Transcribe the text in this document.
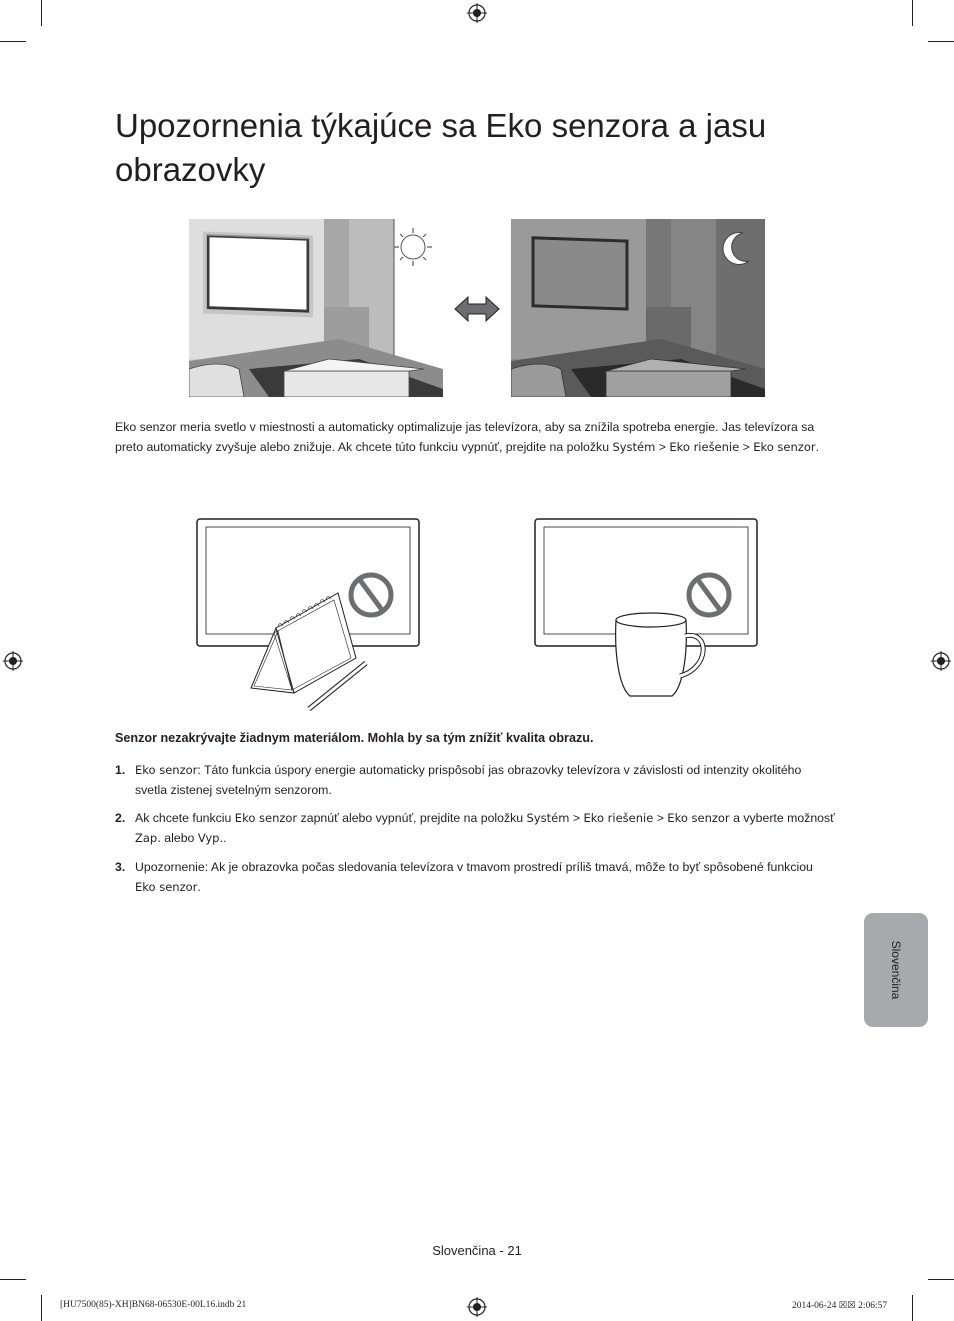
Upozornenia týkajúce sa Eko senzora a jasu obrazovky
Eko senzor meria svetlo v miestnosti a automaticky optimalizuje jas televízora, aby sa znížila spotreba energie. Jas televízora sa preto automaticky zvyšuje alebo znižuje. Ak chcete túto funkciu vypnúť, prejdite na položku Systém > Eko riešenie > Eko senzor.
Senzor nezakrývajte žiadnym materiálom. Mohla by sa tým znížiť kvalita obrazu.
1. Eko senzor: Táto funkcia úspory energie automaticky prispôsobí jas obrazovky televízora v závislosti od intenzity okolitého svetla zistenej svetelným senzorom.
2. Ak chcete funkciu Eko senzor zapnúť alebo vypnúť, prejdite na položku Systém > Eko riešenie > Eko senzor a vyberte možnosť Zap. alebo Vyp..
3. Upozornenie: Ak je obrazovka počas sledovania televízora v tmavom prostredí príliš tmavá, môže to byť spôsobené funkciou Eko senzor.
Slovenčina
Slovenčina - 21
[HU7500(85)-XH]BN68-06530E-00L16.indb 21	2014-06-24 ☒☒ 2:06:57
